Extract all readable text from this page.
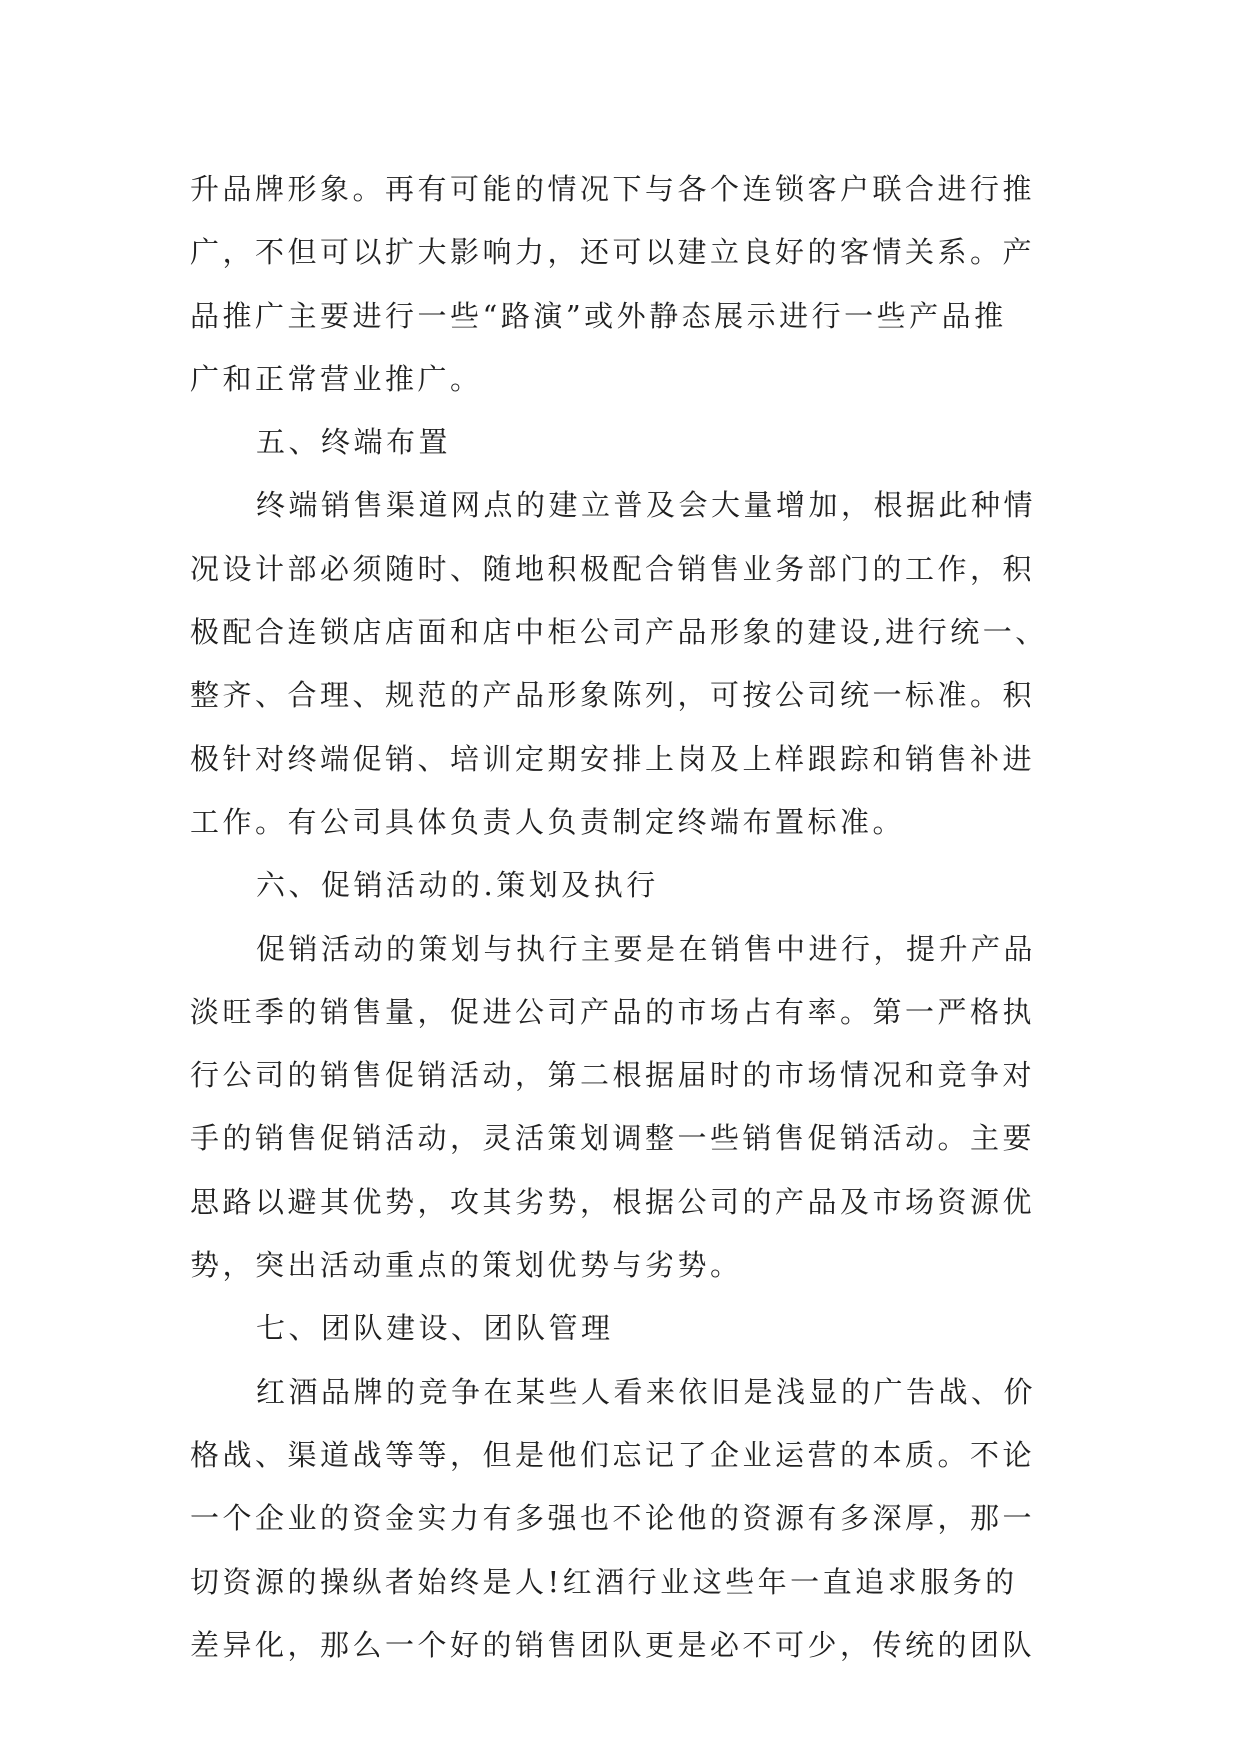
升品牌形象。再有可能的情况下与各个连锁客户联合进行推
广，不但可以扩大影响力，还可以建立良好的客情关系。产
品推广主要进行一些“路演”或外静态展示进行一些产品推
广和正常营业推广。
五、终端布置
终端销售渠道网点的建立普及会大量增加，根据此种情
况设计部必须随时、随地积极配合销售业务部门的工作，积
极配合连锁店店面和店中柜公司产品形象的建设,进行统一、
整齐、合理、规范的产品形象陈列，可按公司统一标准。积
极针对终端促销、培训定期安排上岗及上样跟踪和销售补进
工作。有公司具体负责人负责制定终端布置标准。
六、促销活动的.策划及执行
促销活动的策划与执行主要是在销售中进行，提升产品
淡旺季的销售量，促进公司产品的市场占有率。第一严格执
行公司的销售促销活动，第二根据届时的市场情况和竞争对
手的销售促销活动，灵活策划调整一些销售促销活动。主要
思路以避其优势，攻其劣势，根据公司的产品及市场资源优
势，突出活动重点的策划优势与劣势。
七、团队建设、团队管理
红酒品牌的竞争在某些人看来依旧是浅显的广告战、价
格战、渠道战等等，但是他们忘记了企业运营的本质。不论
一个企业的资金实力有多强也不论他的资源有多深厚，那一
切资源的操纵者始终是人!红酒行业这些年一直追求服务的
差异化，那么一个好的销售团队更是必不可少，传统的团队
